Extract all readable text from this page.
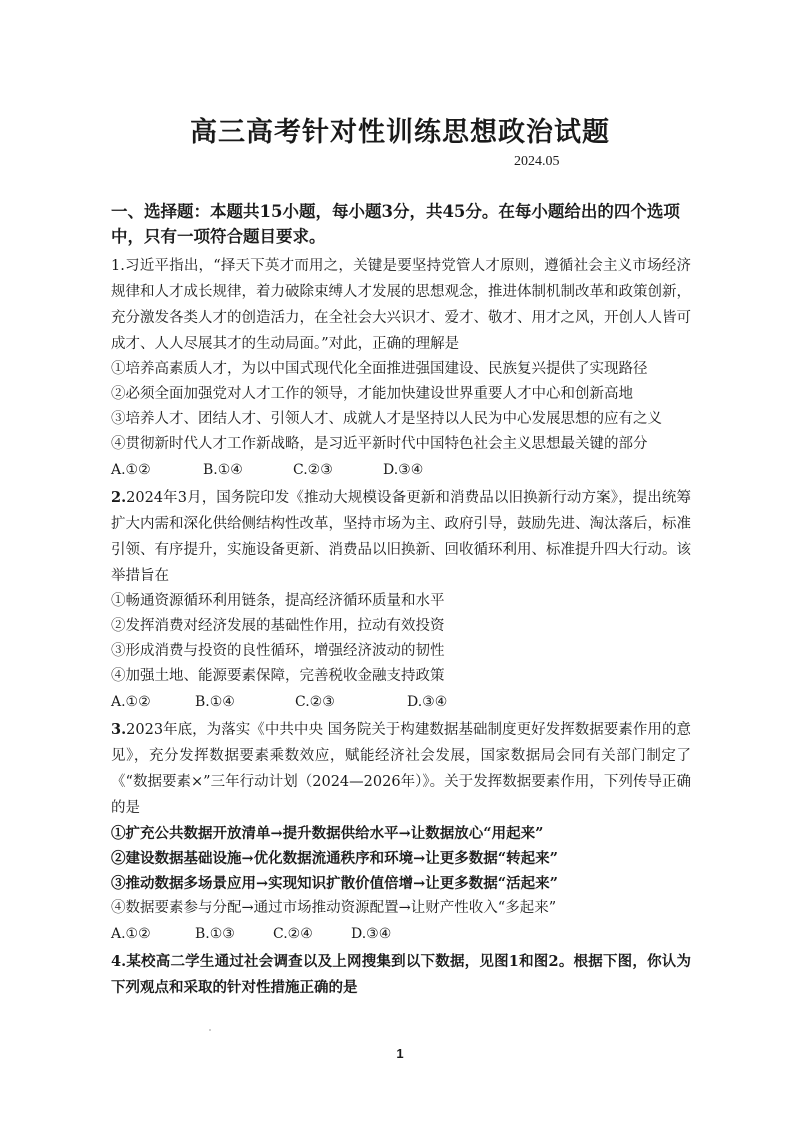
高三高考针对性训练思想政治试题
2024.05

一、选择题：本题共15小题，每小题3分，共45分。在每小题给出的四个选项中，只有一项符合题目要求。

1.习近平指出，“择天下英才而用之，关键是要坚持党管人才原则，遵循社会主义市场经济规律和人才成长规律，着力破除束缚人才发展的思想观念，推进体制机制改革和政策创新，充分激发各类人才的创造活力，在全社会大兴识才、爱才、敬才、用才之风，开创人人皆可成才、人人尽展其才的生动局面。”对此，正确的理解是

①培养高素质人才，为以中国式现代化全面推进强国建设、民族复兴提供了实现路径

②必须全面加强党对人才工作的领导，才能加快建设世界重要人才中心和创新高地

③培养人才、团结人才、引领人才、成就人才是坚持以人民为中心发展思想的应有之义

④贯彻新时代人才工作新战略，是习近平新时代中国特色社会主义思想最关键的部分

A.①②	B.①④	C.②③	D.③④

2.2024年3月，国务院印发《推动大规模设备更新和消费品以旧换新行动方案》，提出统筹扩大内需和深化供给侧结构性改革，坚持市场为主、政府引导，鼓励先进、淘汰落后，标准引领、有序提升，实施设备更新、消费品以旧换新、回收循环利用、标准提升四大行动。该举措旨在

①畅通资源循环利用链条，提高经济循环质量和水平

②发挥消费对经济发展的基础性作用，拉动有效投资

③形成消费与投资的良性循环，增强经济波动的韧性

④加强土地、能源要素保障，完善税收金融支持政策

A.①②	B.①④	C.②③	D.③④

3.2023年底，为落实《中共中央 国务院关于构建数据基础制度更好发挥数据要素作用的意见》，充分发挥数据要素乘数效应，赋能经济社会发展，国家数据局会同有关部门制定了《“数据要素×”三年行动计划（2024—2026年）》。关于发挥数据要素作用，下列传导正确的是

①扩充公共数据开放清单→提升数据供给水平→让数据放心“用起来”

②建设数据基础设施→优化数据流通秩序和环境→让更多数据“转起来”

③推动数据多场景应用→实现知识扩散价值倍增→让更多数据“活起来”

④数据要素参与分配→通过市场推动资源配置→让财产性收入“多起来”

A.①②	B.①③	C.②④	D.③④

4.某校高二学生通过社会调查以及上网搜集到以下数据，见图1和图2。根据下图，你认为下列观点和采取的针对性措施正确的是

1
